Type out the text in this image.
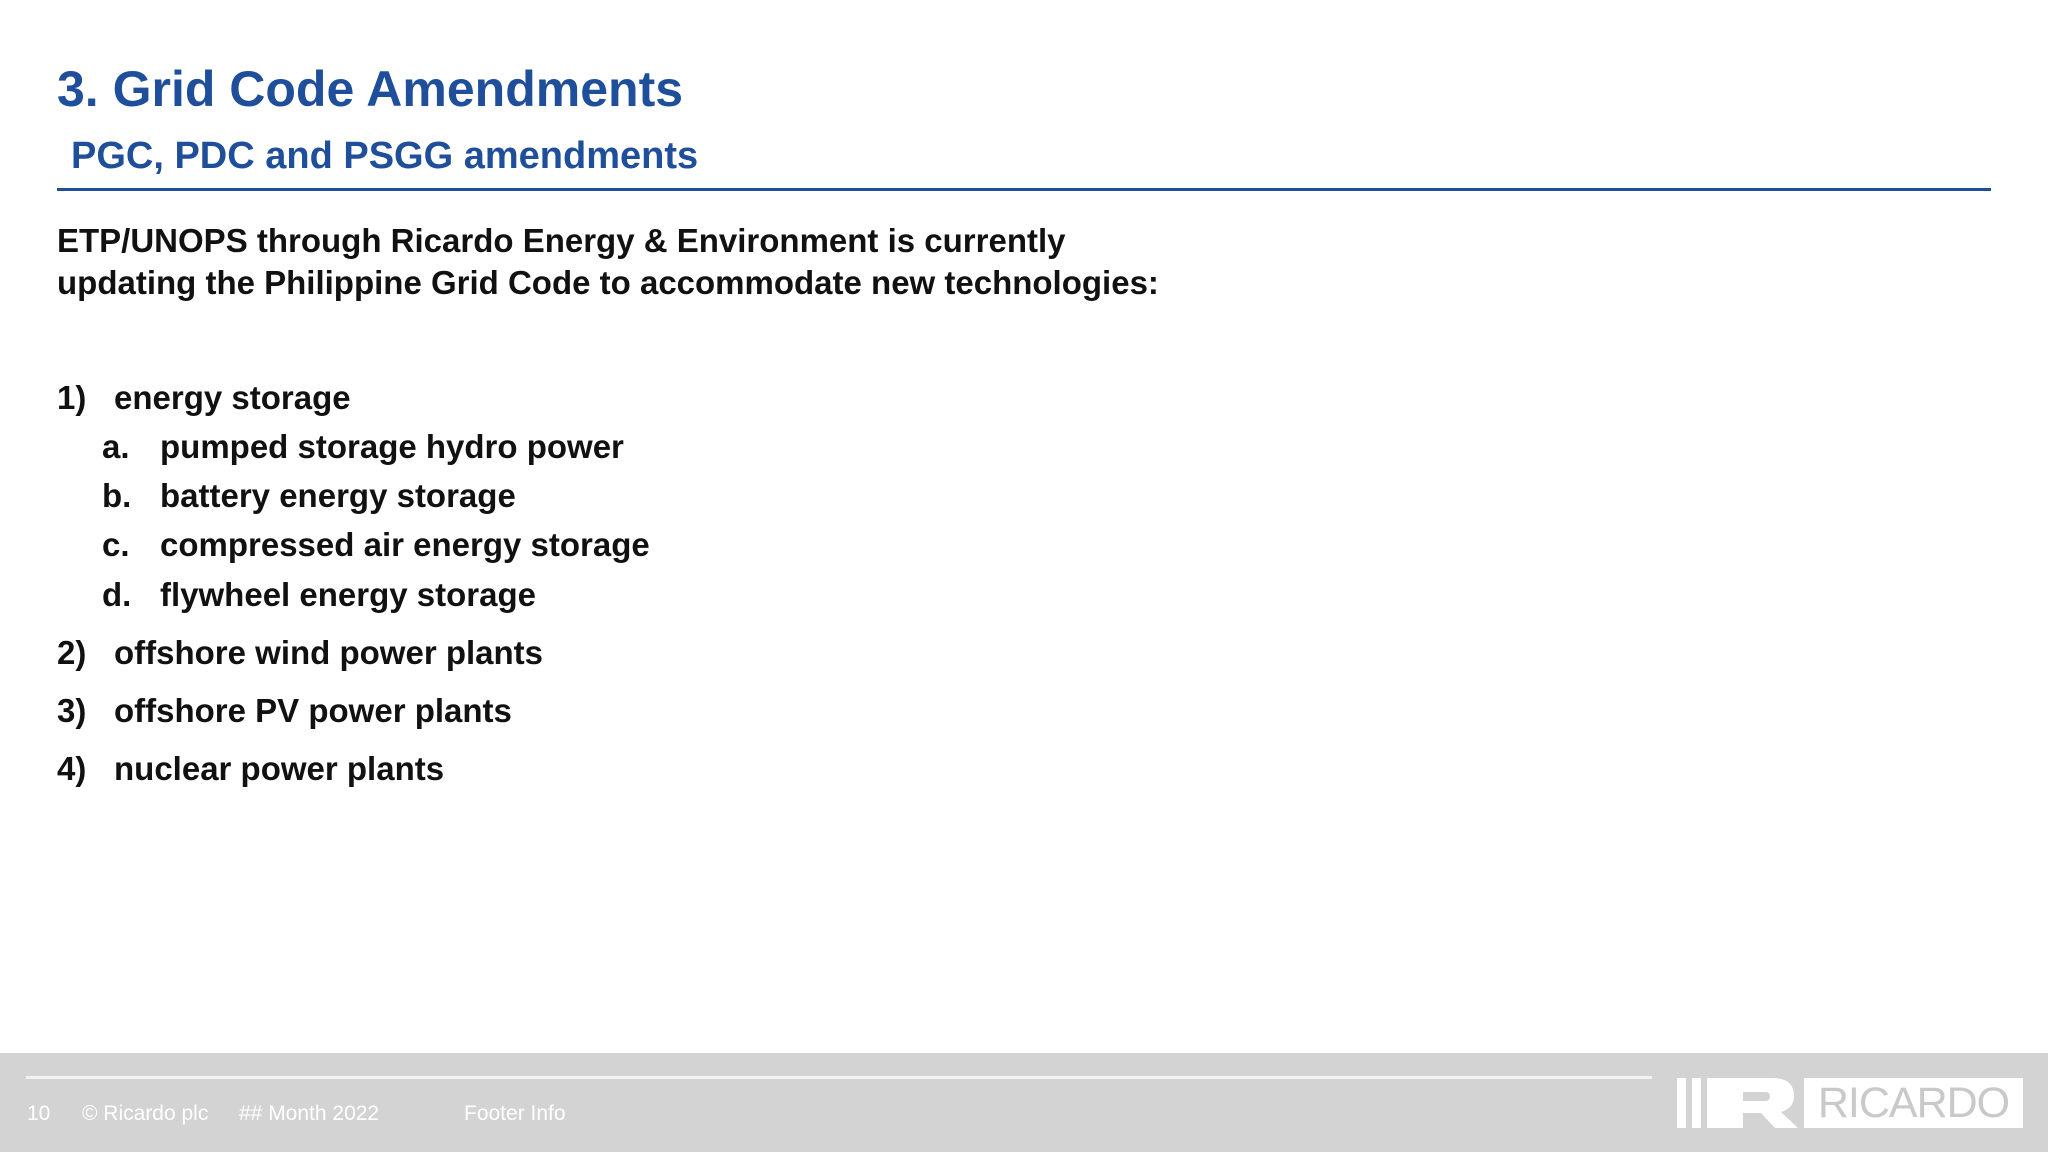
3. Grid Code Amendments
PGC, PDC and PSGG amendments
ETP/UNOPS through Ricardo Energy & Environment is currently
updating the Philippine Grid Code to accommodate new technologies:
1) energy storage
a. pumped storage hydro power
b. battery energy storage
c. compressed air energy storage
d. flywheel energy storage
2) offshore wind power plants
3) offshore PV power plants
4) nuclear power plants
10 © Ricardo plc ## Month 2022	Footer Info	RICARDO
